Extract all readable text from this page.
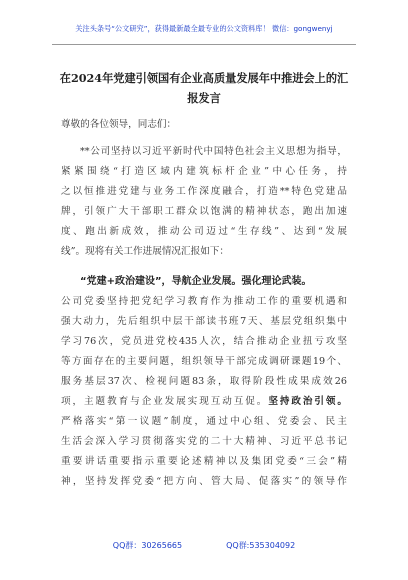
关注头条号“公文研究”，获得最新最全最专业的公文资料库！ 微信：gongwenyj
在2024年党建引领国有企业高质量发展年中推进会上的汇
报发言
尊敬的各位领导，同志们：
**公司坚持以习近平新时代中国特色社会主义思想为指导，
紧紧围绕“打造区域内建筑标杆企业”中心任务，持
之以恒推进党建与业务工作深度融合，打造**特色党建品
牌，引领广大干部职工群众以饱满的精神状态，跑出加速
度、跑出新成效，推动公司迈过“生存线”、达到“发展
线”。现将有关工作进展情况汇报如下：
“党建+政治建设”，导航企业发展。强化理论武装。
公司党委坚持把党纪学习教育作为推动工作的重要机遇和
强大动力，先后组织中层干部读书班7天、基层党组织集中
学习76次，党员进党校435人次，结合推动企业扭亏攻坚
等方面存在的主要问题，组织领导干部完成调研课题19个、
服务基层37次、检视问题83条，取得阶段性成果成效26
项，主题教育与企业发展实现互动互促。坚持政治引领。
严格落实“第一议题”制度，通过中心组、党委会、民主
生活会深入学习贯彻落实党的二十大精神、习近平总书记
重要讲话重要指示重要论述精神以及集团党委“三会”精
神，坚持发挥党委“把方向、管大局、促落实”的领导作
QQ群：30265665	QQ群:535304092
